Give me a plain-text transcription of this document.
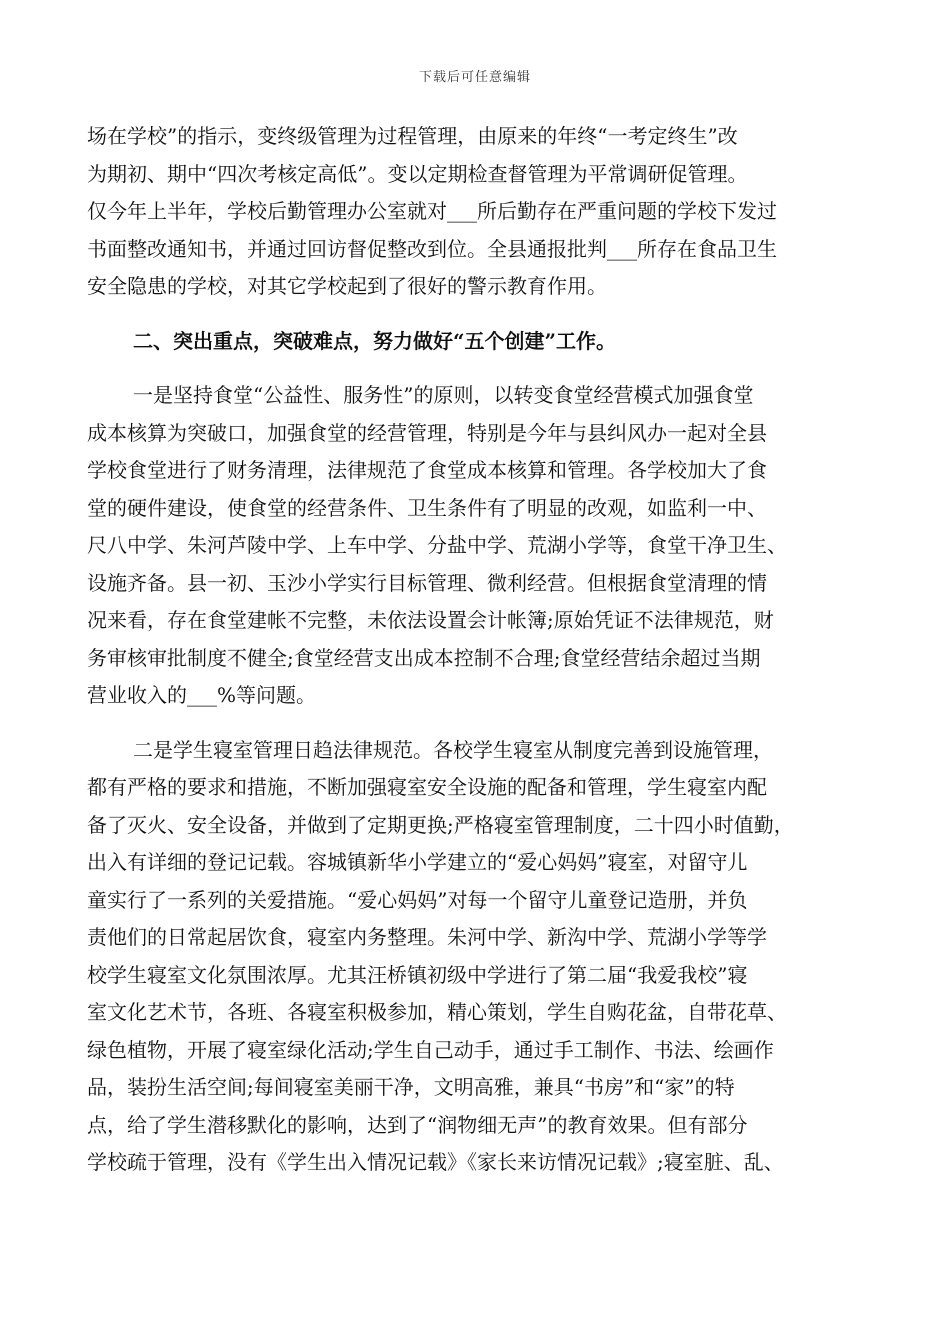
下载后可任意编辑
场在学校”的指示，变终级管理为过程管理，由原来的年终“一考定终生”改
为期初、期中“四次考核定高低”。变以定期检查督管理为平常调研促管理。
仅今年上半年，学校后勤管理办公室就对___所后勤存在严重问题的学校下发过
书面整改通知书，并通过回访督促整改到位。全县通报批判___所存在食品卫生
安全隐患的学校，对其它学校起到了很好的警示教育作用。
二、突出重点，突破难点，努力做好“五个创建”工作。
一是坚持食堂“公益性、服务性”的原则，以转变食堂经营模式加强食堂
成本核算为突破口，加强食堂的经营管理，特别是今年与县纠风办一起对全县
学校食堂进行了财务清理，法律规范了食堂成本核算和管理。各学校加大了食
堂的硬件建设，使食堂的经营条件、卫生条件有了明显的改观，如监利一中、
尺八中学、朱河芦陵中学、上车中学、分盐中学、荒湖小学等，食堂干净卫生、
设施齐备。县一初、玉沙小学实行目标管理、微利经营。但根据食堂清理的情
况来看，存在食堂建帐不完整，未依法设置会计帐簿;原始凭证不法律规范，财
务审核审批制度不健全;食堂经营支出成本控制不合理;食堂经营结余超过当期
营业收入的___%等问题。
二是学生寝室管理日趋法律规范。各校学生寝室从制度完善到设施管理，
都有严格的要求和措施，不断加强寝室安全设施的配备和管理，学生寝室内配
备了灭火、安全设备，并做到了定期更换;严格寝室管理制度，二十四小时值勤，
出入有详细的登记记载。容城镇新华小学建立的“爱心妈妈”寝室，对留守儿
童实行了一系列的关爱措施。“爱心妈妈”对每一个留守儿童登记造册，并负
责他们的日常起居饮食，寝室内务整理。朱河中学、新沟中学、荒湖小学等学
校学生寝室文化氛围浓厚。尤其汪桥镇初级中学进行了第二届“我爱我校”寝
室文化艺术节，各班、各寝室积极参加，精心策划，学生自购花盆，自带花草、
绿色植物，开展了寝室绿化活动;学生自己动手，通过手工制作、书法、绘画作
品，装扮生活空间;每间寝室美丽干净，文明高雅，兼具“书房”和“家”的特
点，给了学生潜移默化的影响，达到了“润物细无声”的教育效果。但有部分
学校疏于管理，没有《学生出入情况记载》《家长来访情况记载》;寝室脏、乱、
